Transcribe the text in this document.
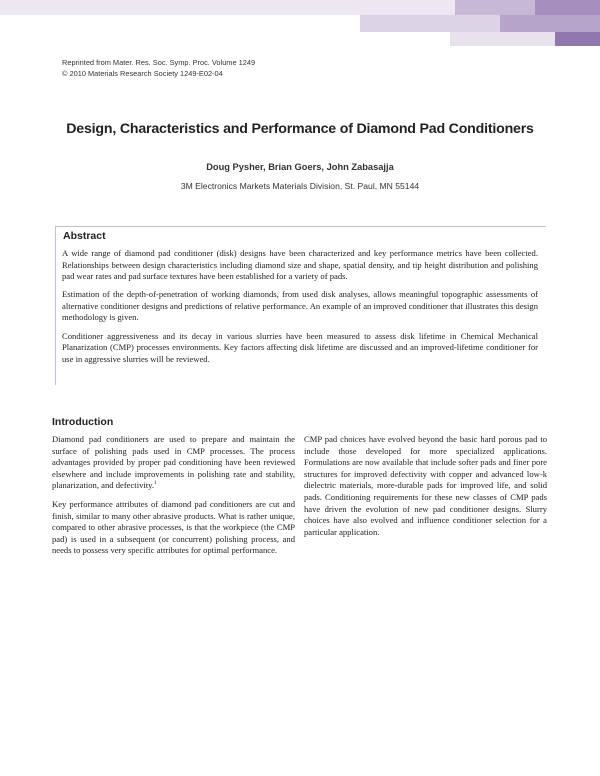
Reprinted from Mater. Res. Soc. Symp. Proc. Volume 1249
© 2010 Materials Research Society 1249-E02-04
Design, Characteristics and Performance of Diamond Pad Conditioners
Doug Pysher, Brian Goers, John Zabasajja
3M Electronics Markets Materials Division, St. Paul, MN 55144
Abstract

A wide range of diamond pad conditioner (disk) designs have been characterized and key performance metrics have been collected. Relationships between design characteristics including diamond size and shape, spatial density, and tip height distribution and polishing pad wear rates and pad surface textures have been established for a variety of pads.

Estimation of the depth-of-penetration of working diamonds, from used disk analyses, allows meaningful topographic assessments of alternative conditioner designs and predictions of relative performance. An example of an improved conditioner that illustrates this design methodology is given.

Conditioner aggressiveness and its decay in various slurries have been measured to assess disk lifetime in Chemical Mechanical Planarization (CMP) processes environments. Key factors affecting disk lifetime are discussed and an improved-lifetime conditioner for use in aggressive slurries will be reviewed.

Introduction

Diamond pad conditioners are used to prepare and maintain the surface of polishing pads used in CMP processes. The process advantages provided by proper pad conditioning have been reviewed elsewhere and include improvements in polishing rate and stability, planarization, and defectivity.$^1$

Key performance attributes of diamond pad conditioners are cut and finish, similar to many other abrasive products. What is rather unique, compared to other abrasive processes, is that the workpiece (the CMP pad) is used in a subsequent (or concurrent) polishing process, and needs to possess very specific attributes for optimal performance.

CMP pad choices have evolved beyond the basic hard porous pad to include those developed for more specialized applications. Formulations are now available that include softer pads and finer pore structures for improved defectivity with copper and advanced low-k dielectric materials, more-durable pads for improved life, and solid pads. Conditioning requirements for these new classes of CMP pads have driven the evolution of new pad conditioner designs. Slurry choices have also evolved and influence conditioner selection for a particular application.
